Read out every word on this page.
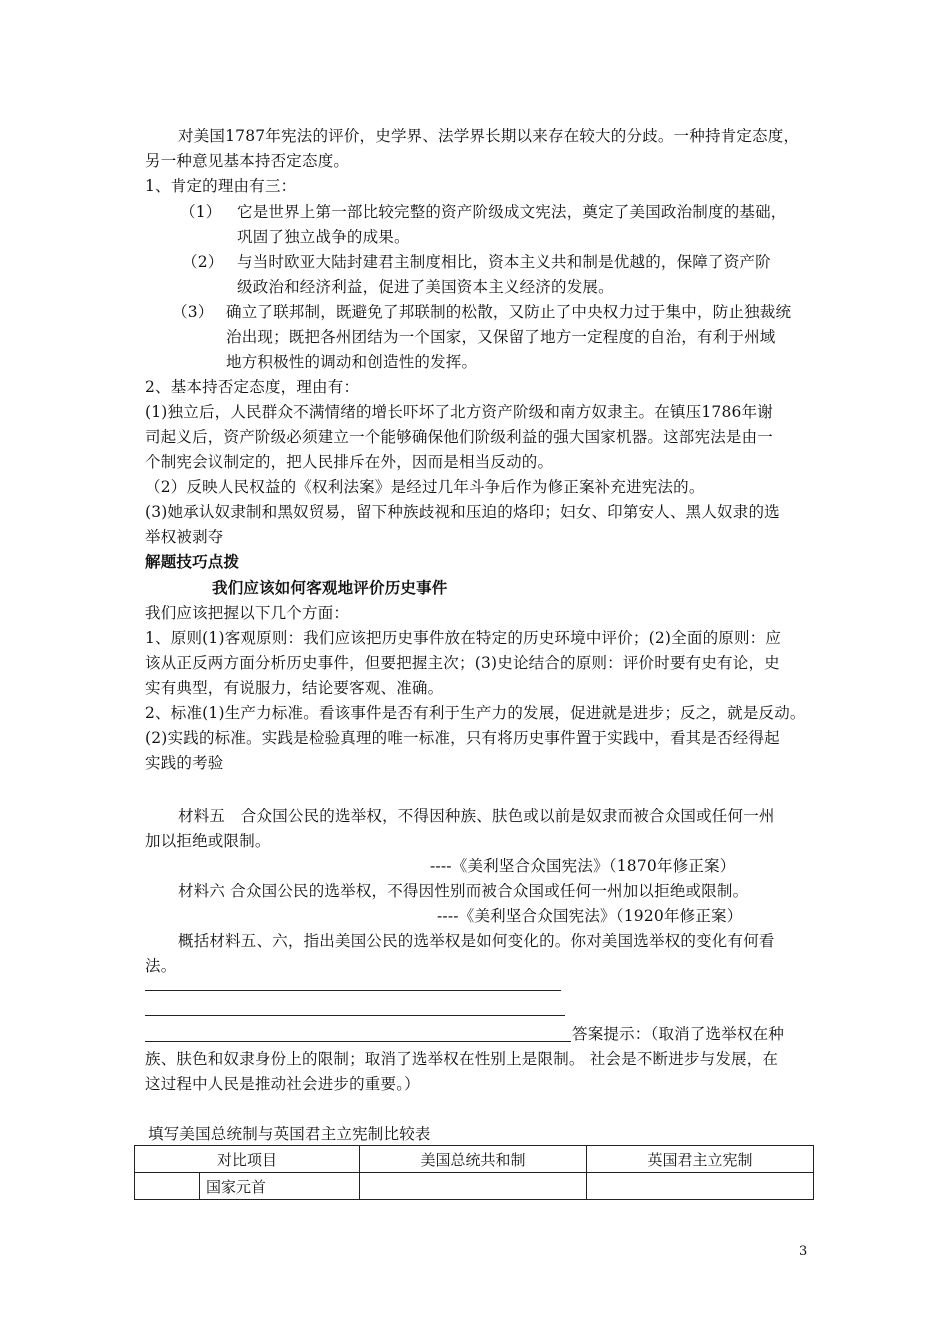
对美国1787年宪法的评价，史学界、法学界长期以来存在较大的分歧。一种持肯定态度，
另一种意见基本持否定态度。
1、肯定的理由有三：
（1） 它是世界上第一部比较完整的资产阶级成文宪法，奠定了美国政治制度的基础，
巩固了独立战争的成果。
（2） 与当时欧亚大陆封建君主制度相比，资本主义共和制是优越的，保障了资产阶
级政治和经济利益，促进了美国资本主义经济的发展。
（3） 确立了联邦制，既避免了邦联制的松散，又防止了中央权力过于集中，防止独裁统
治出现；既把各州团结为一个国家，又保留了地方一定程度的自治，有利于州域
地方积极性的调动和创造性的发挥。
2、基本持否定态度，理由有：
(1)独立后，人民群众不满情绪的增长吓坏了北方资产阶级和南方奴隶主。在镇压1786年谢
司起义后，资产阶级必须建立一个能够确保他们阶级利益的强大国家机器。这部宪法是由一
个制宪会议制定的，把人民排斥在外，因而是相当反动的。
（2）反映人民权益的《权利法案》是经过几年斗争后作为修正案补充进宪法的。
(3)她承认奴隶制和黑奴贸易，留下种族歧视和压迫的烙印；妇女、印第安人、黑人奴隶的选
举权被剥夺
解题技巧点拨
我们应该如何客观地评价历史事件
我们应该把握以下几个方面：
1、原则(1)客观原则：我们应该把历史事件放在特定的历史环境中评价；(2)全面的原则：应
该从正反两方面分析历史事件，但要把握主次；(3)史论结合的原则：评价时要有史有论，史
实有典型，有说服力，结论要客观、准确。
2、标准(1)生产力标准。看该事件是否有利于生产力的发展，促进就是进步；反之，就是反动。
(2)实践的标准。实践是检验真理的唯一标准，只有将历史事件置于实践中，看其是否经得起
实践的考验
材料五　合众国公民的选举权，不得因种族、肤色或以前是奴隶而被合众国或任何一州
加以拒绝或限制。
----《美利坚合众国宪法》（1870年修正案）
材料六 合众国公民的选举权，不得因性别而被合众国或任何一州加以拒绝或限制。
----《美利坚合众国宪法》（1920年修正案）
概括材料五、六，指出美国公民的选举权是如何变化的。你对美国选举权的变化有何看
法。
答案提示：（取消了选举权在种
族、肤色和奴隶身份上的限制；取消了选举权在性别上是限制。 社会是不断进步与发展，在
这过程中人民是推动社会进步的重要。）
填写美国总统制与英国君主立宪制比较表
对比项目		美国总统共和制	英国君主立宪制
	国家元首		
3
